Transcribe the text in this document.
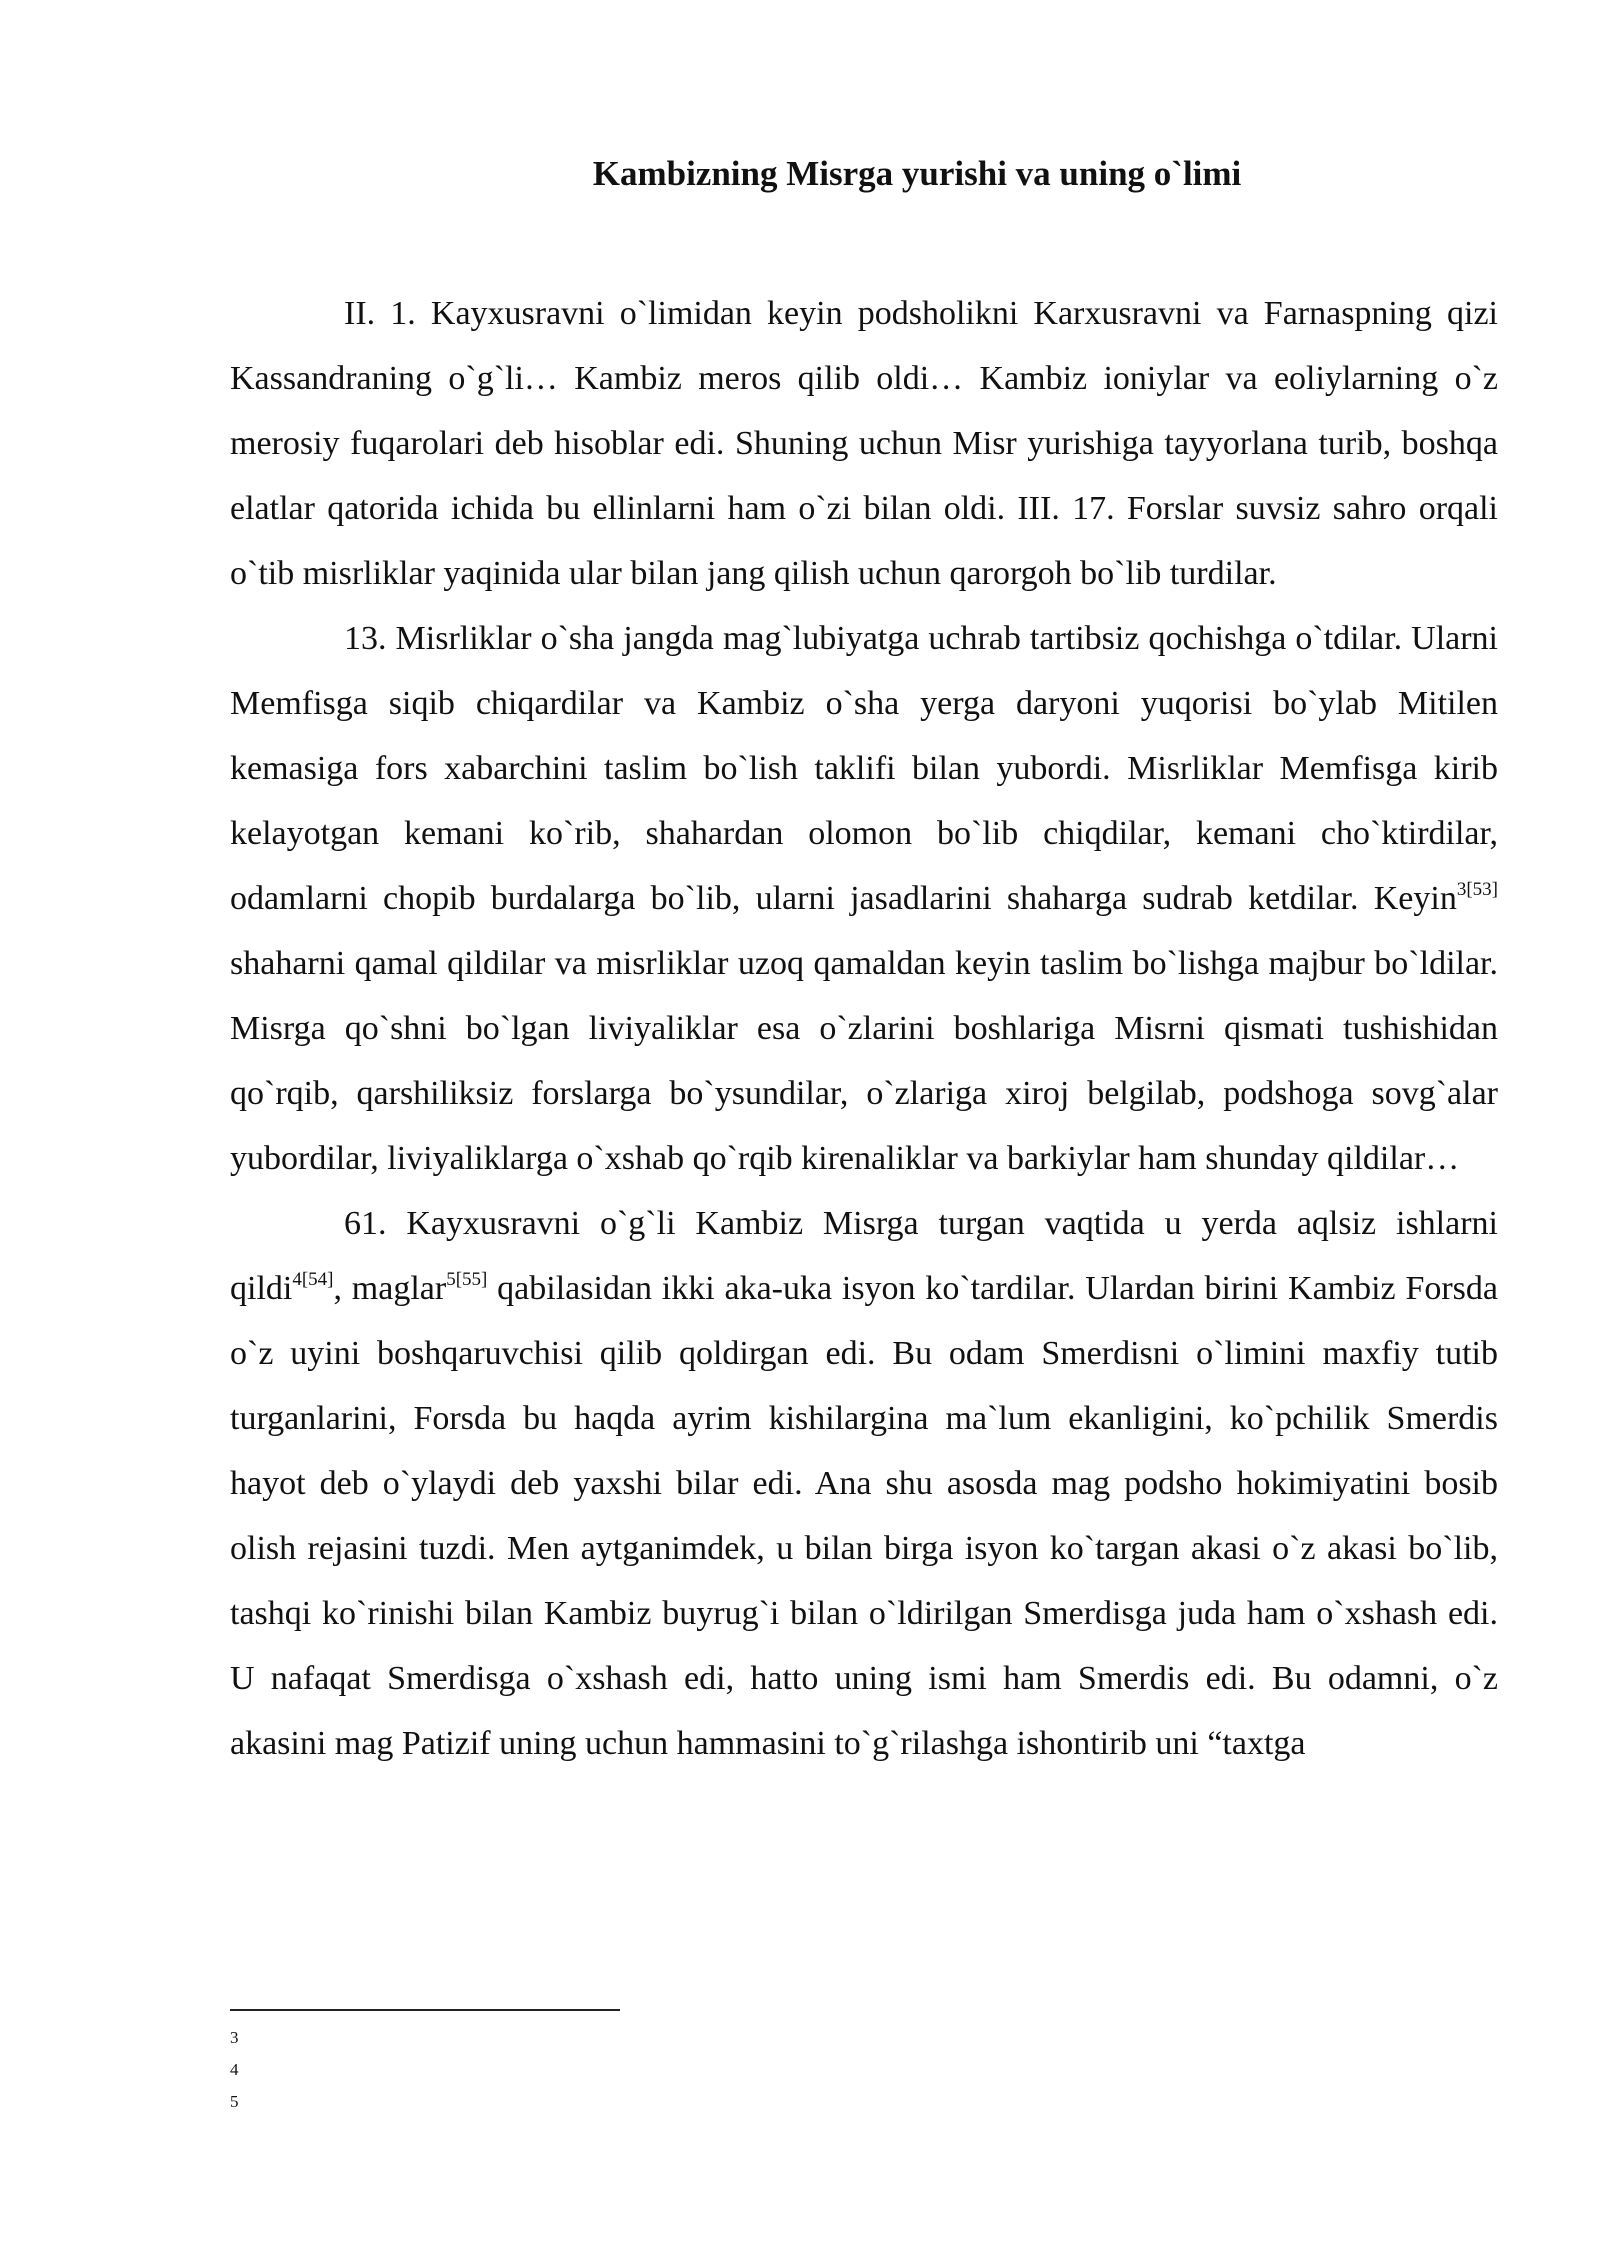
Kambizning Misrga yurishi va uning o`limi

II. 1. Kayxusravni o`limidan keyin podsholikni Karxusravni va Farnaspning qizi Kassandraning o`g`li… Kambiz meros qilib oldi… Kambiz ioniylar va eoliylarning o`z merosiy fuqarolari deb hisoblar edi. Shuning uchun Misr yurishiga tayyorlana turib, boshqa elatlar qatorida ichida bu ellinlarni ham o`zi bilan oldi. III. 17. Forslar suvsiz sahro orqali o`tib misrliklar yaqinida ular bilan jang qilish uchun qarorgoh bo`lib turdilar.

13. Misrliklar o`sha jangda mag`lubiyatga uchrab tartibsiz qochishga o`tdilar. Ularni Memfisga siqib chiqardilar va Kambiz o`sha yerga daryoni yuqorisi bo`ylab Mitilen kemasiga fors xabarchini taslim bo`lish taklifi bilan yubordi. Misrliklar Memfisga kirib kelayotgan kemani ko`rib, shahardan olomon bo`lib chiqdilar, kemani cho`ktirdilar, odamlarni chopib burdalarga bo`lib, ularni jasadlarini shaharga sudrab ketdilar. Keyin$^{3[53]}$ shaharni qamal qildilar va misrliklar uzoq qamaldan keyin taslim bo`lishga majbur bo`ldilar. Misrga qo`shni bo`lgan liviyaliklar esa o`zlarini boshlariga Misrni qismati tushishidan qo`rqib, qarshiliksiz forslarga bo`ysundilar, o`zlariga xiroj belgilab, podshoga sovg`alar yubordilar, liviyaliklarga o`xshab qo`rqib kirenaliklar va barkiylar ham shunday qildilar…

61. Kayxusravni o`g`li Kambiz Misrga turgan vaqtida u yerda aqlsiz ishlarni qildi$^{4[54]}$, maglar$^{5[55]}$ qabilasidan ikki aka-uka isyon ko`tardilar. Ulardan birini Kambiz Forsda o`z uyini boshqaruvchisi qilib qoldirgan edi. Bu odam Smerdisni o`limini maxfiy tutib turganlarini, Forsda bu haqda ayrim kishilargina ma`lum ekanligini, ko`pchilik Smerdis hayot deb o`ylaydi deb yaxshi bilar edi. Ana shu asosda mag podsho hokimiyatini bosib olish rejasini tuzdi. Men aytganimdek, u bilan birga isyon ko`targan akasi o`z akasi bo`lib, tashqi ko`rinishi bilan Kambiz buyrug`i bilan o`ldirilgan Smerdisga juda ham o`xshash edi. U nafaqat Smerdisga o`xshash edi, hatto uning ismi ham Smerdis edi. Bu odamni, o`z akasini mag Patizif uning uchun hammasini to`g`rilashga ishontirib uni “taxtga

3
4
5
